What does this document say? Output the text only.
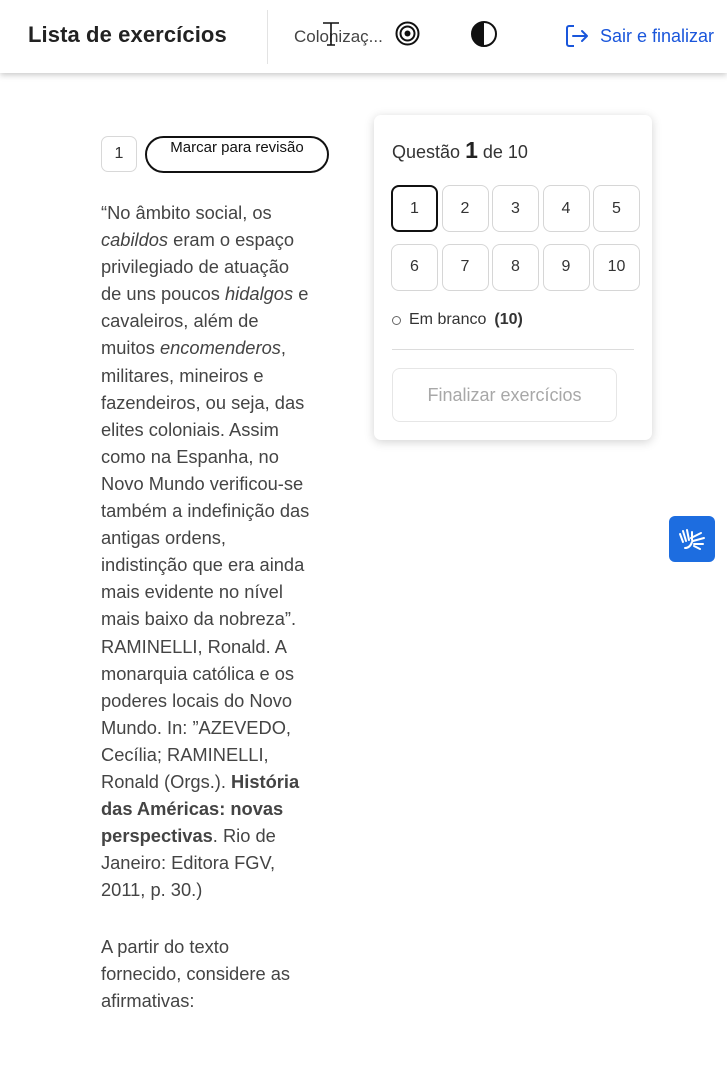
Lista de exercícios	Colonizaç...	Sair e finalizar
1	Marcar para revisão
“No âmbito social, os
cabildos eram o espaço
privilegiado de atuação
de uns poucos hidalgos e
cavaleiros, além de
muitos encomenderos,
militares, mineiros e
fazendeiros, ou seja, das
elites coloniais. Assim
como na Espanha, no
Novo Mundo verificou-se
também a indefinição das
antigas ordens,
indistinção que era ainda
mais evidente no nível
mais baixo da nobreza”.
RAMINELLI, Ronald. A
monarquia católica e os
poderes locais do Novo
Mundo. In: ”AZEVEDO,
Cecília; RAMINELLI,
Ronald (Orgs.). História
das Américas: novas
perspectivas. Rio de
Janeiro: Editora FGV,
2011, p. 30.)
A partir do texto
fornecido, considere as
afirmativas:
Questão 1 de 10
1	2	3	4	5
6	7	8	9	10
Em branco (10)
Finalizar exercícios
